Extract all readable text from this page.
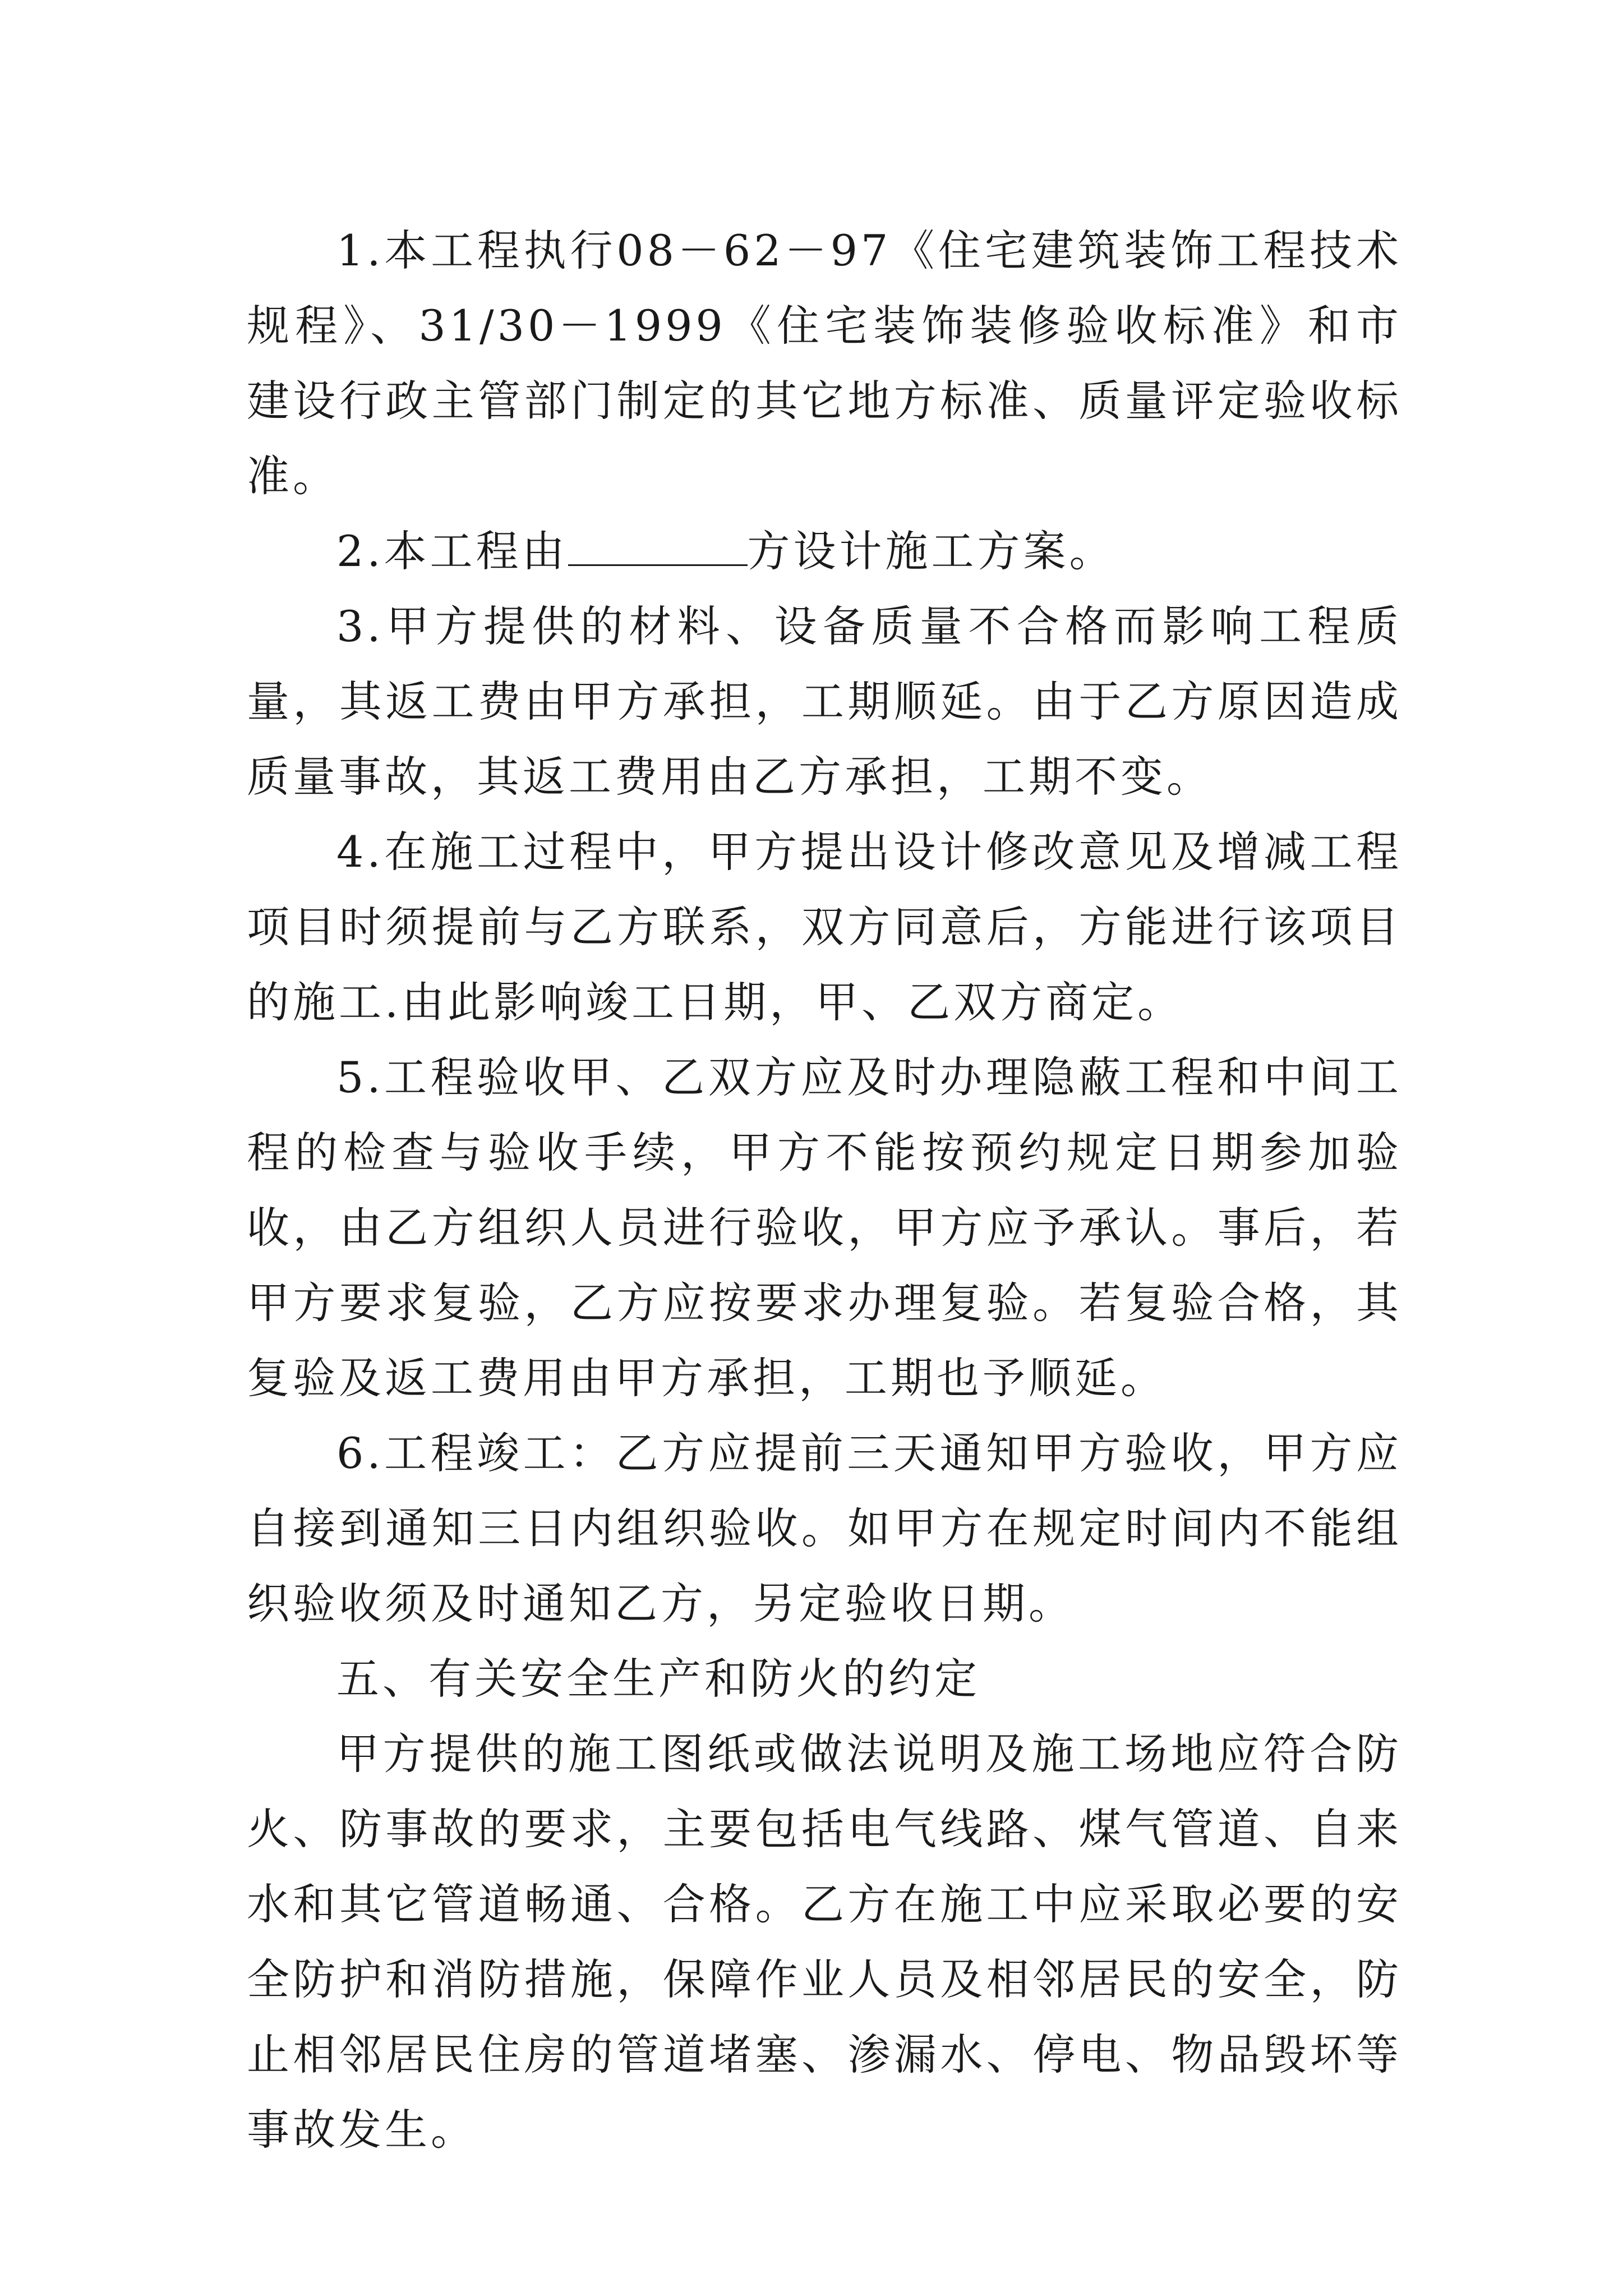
1.本工程执行08－62－97《住宅建筑装饰工程技术规程》、31/30－1999《住宅装饰装修验收标准》和市建设行政主管部门制定的其它地方标准、质量评定验收标准。

2.本工程由	方设计施工方案。

3.甲方提供的材料、设备质量不合格而影响工程质量，其返工费由甲方承担，工期顺延。由于乙方原因造成质量事故，其返工费用由乙方承担，工期不变。

4.在施工过程中，甲方提出设计修改意见及增减工程项目时须提前与乙方联系，双方同意后，方能进行该项目的施工.由此影响竣工日期，甲、乙双方商定。

5.工程验收甲、乙双方应及时办理隐蔽工程和中间工程的检查与验收手续，甲方不能按预约规定日期参加验收，由乙方组织人员进行验收，甲方应予承认。事后，若甲方要求复验，乙方应按要求办理复验。若复验合格，其复验及返工费用由甲方承担，工期也予顺延。

6.工程竣工：乙方应提前三天通知甲方验收，甲方应自接到通知三日内组织验收。如甲方在规定时间内不能组织验收须及时通知乙方，另定验收日期。

五、有关安全生产和防火的约定

甲方提供的施工图纸或做法说明及施工场地应符合防火、防事故的要求，主要包括电气线路、煤气管道、自来水和其它管道畅通、合格。乙方在施工中应采取必要的安全防护和消防措施，保障作业人员及相邻居民的安全，防止相邻居民住房的管道堵塞、渗漏水、停电、物品毁坏等事故发生。
